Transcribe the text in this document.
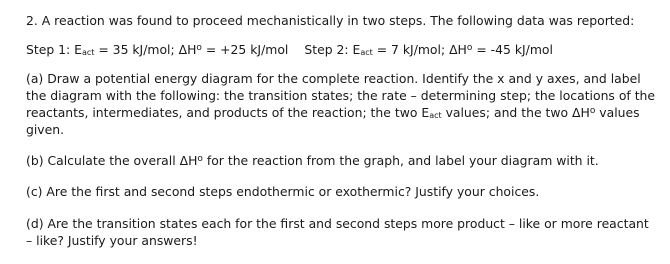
2. A reaction was found to proceed mechanistically in two steps. The following data was reported:

Step 1: $E_{act} = 35$ kJ/mol; $\Delta H^o = +25$ kJ/mol Step 2: $E_{act} = 7$ kJ/mol; $\Delta H^o = -45$ kJ/mol

(a) Draw a potential energy diagram for the complete reaction. Identify the x and y axes, and label the diagram with the following: the transition states; the rate – determining step; the locations of the reactants, intermediates, and products of the reaction; the two $E_{act}$ values; and the two $\Delta H^o$ values given.

(b) Calculate the overall $\Delta H^o$ for the reaction from the graph, and label your diagram with it.

(c) Are the first and second steps endothermic or exothermic? Justify your choices.

(d) Are the transition states each for the first and second steps more product – like or more reactant – like? Justify your answers!
